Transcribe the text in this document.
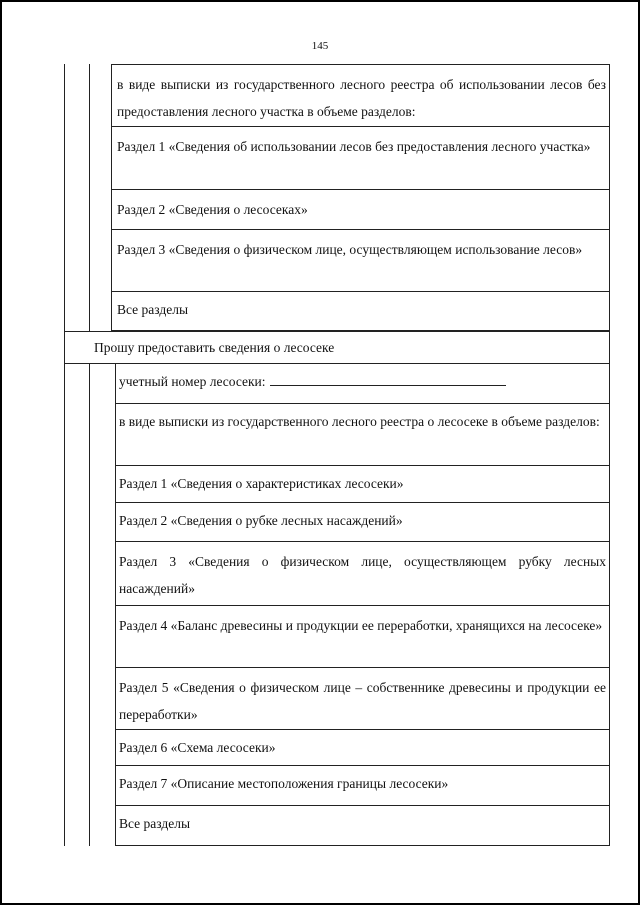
145
в виде выписки из государственного лесного реестра об использовании лесов без предоставления лесного участка в объеме разделов:
Раздел 1 «Сведения об использовании лесов без предоставления лесного участка»
Раздел 2 «Сведения о лесосеках»
Раздел 3 «Сведения о физическом лице, осуществляющем использование лесов»
Все разделы
Прошу предоставить сведения о лесосеке
учетный номер лесосеки:
в виде выписки из государственного лесного реестра о лесосеке в объеме разделов:
Раздел 1 «Сведения о характеристиках лесосеки»
Раздел 2 «Сведения о рубке лесных насаждений»
Раздел 3 «Сведения о физическом лице, осуществляющем рубку лесных насаждений»
Раздел 4 «Баланс древесины и продукции ее переработки, хранящихся на лесосеке»
Раздел 5 «Сведения о физическом лице – собственнике древесины и продукции ее переработки»
Раздел 6 «Схема лесосеки»
Раздел 7 «Описание местоположения границы лесосеки»
Все разделы
